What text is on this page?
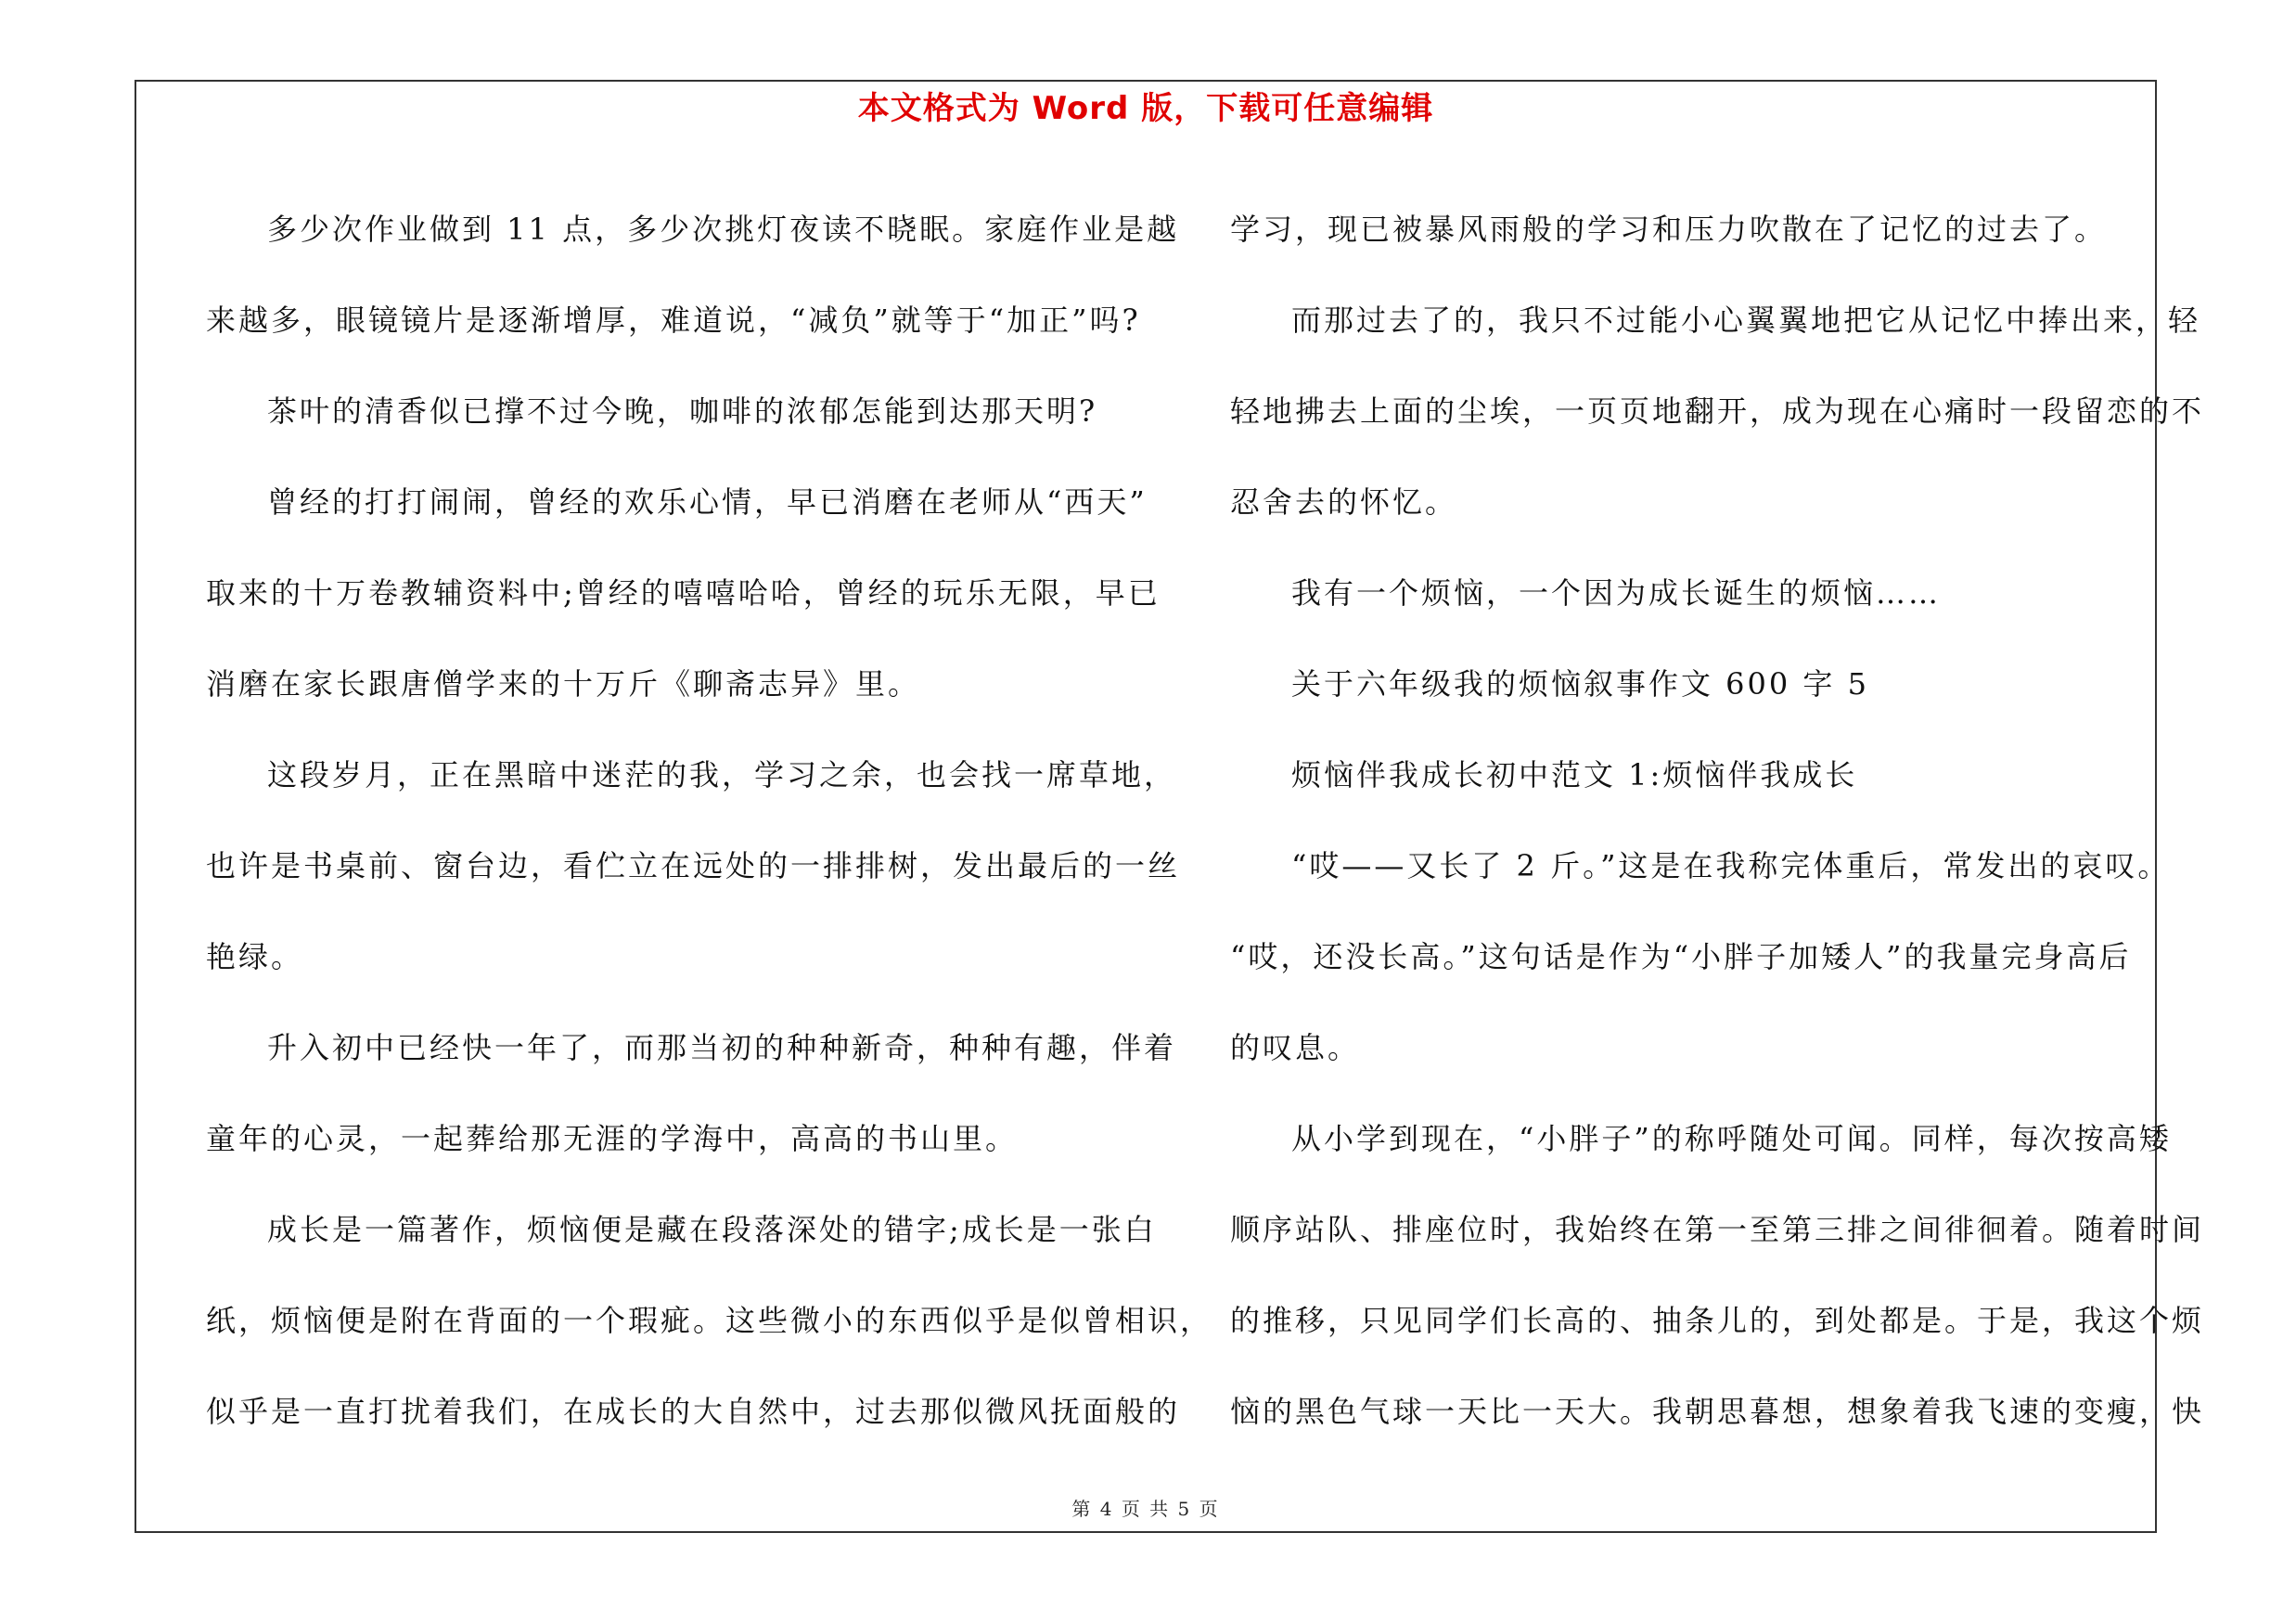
本文格式为 Word 版，下载可任意编辑
多少次作业做到 11 点，多少次挑灯夜读不晓眠。家庭作业是越
来越多，眼镜镜片是逐渐增厚，难道说，“减负”就等于“加正”吗?
茶叶的清香似已撑不过今晚，咖啡的浓郁怎能到达那天明?
曾经的打打闹闹，曾经的欢乐心情，早已消磨在老师从“西天”
取来的十万卷教辅资料中;曾经的嘻嘻哈哈，曾经的玩乐无限，早已
消磨在家长跟唐僧学来的十万斤《聊斋志异》里。
这段岁月，正在黑暗中迷茫的我，学习之余，也会找一席草地，
也许是书桌前、窗台边，看伫立在远处的一排排树，发出最后的一丝
艳绿。
升入初中已经快一年了，而那当初的种种新奇，种种有趣，伴着
童年的心灵，一起葬给那无涯的学海中，高高的书山里。
成长是一篇著作，烦恼便是藏在段落深处的错字;成长是一张白
纸，烦恼便是附在背面的一个瑕疵。这些微小的东西似乎是似曾相识，
似乎是一直打扰着我们，在成长的大自然中，过去那似微风抚面般的
学习，现已被暴风雨般的学习和压力吹散在了记忆的过去了。
而那过去了的，我只不过能小心翼翼地把它从记忆中捧出来，轻
轻地拂去上面的尘埃，一页页地翻开，成为现在心痛时一段留恋的不
忍舍去的怀忆。
我有一个烦恼，一个因为成长诞生的烦恼……
关于六年级我的烦恼叙事作文 600 字 5
烦恼伴我成长初中范文 1:烦恼伴我成长
“哎——又长了 2 斤。”这是在我称完体重后，常发出的哀叹。
“哎，还没长高。”这句话是作为“小胖子加矮人”的我量完身高后
的叹息。
从小学到现在，“小胖子”的称呼随处可闻。同样，每次按高矮
顺序站队、排座位时，我始终在第一至第三排之间徘徊着。随着时间
的推移，只见同学们长高的、抽条儿的，到处都是。于是，我这个烦
恼的黑色气球一天比一天大。我朝思暮想，想象着我飞速的变瘦，快
第 4 页 共 5 页
